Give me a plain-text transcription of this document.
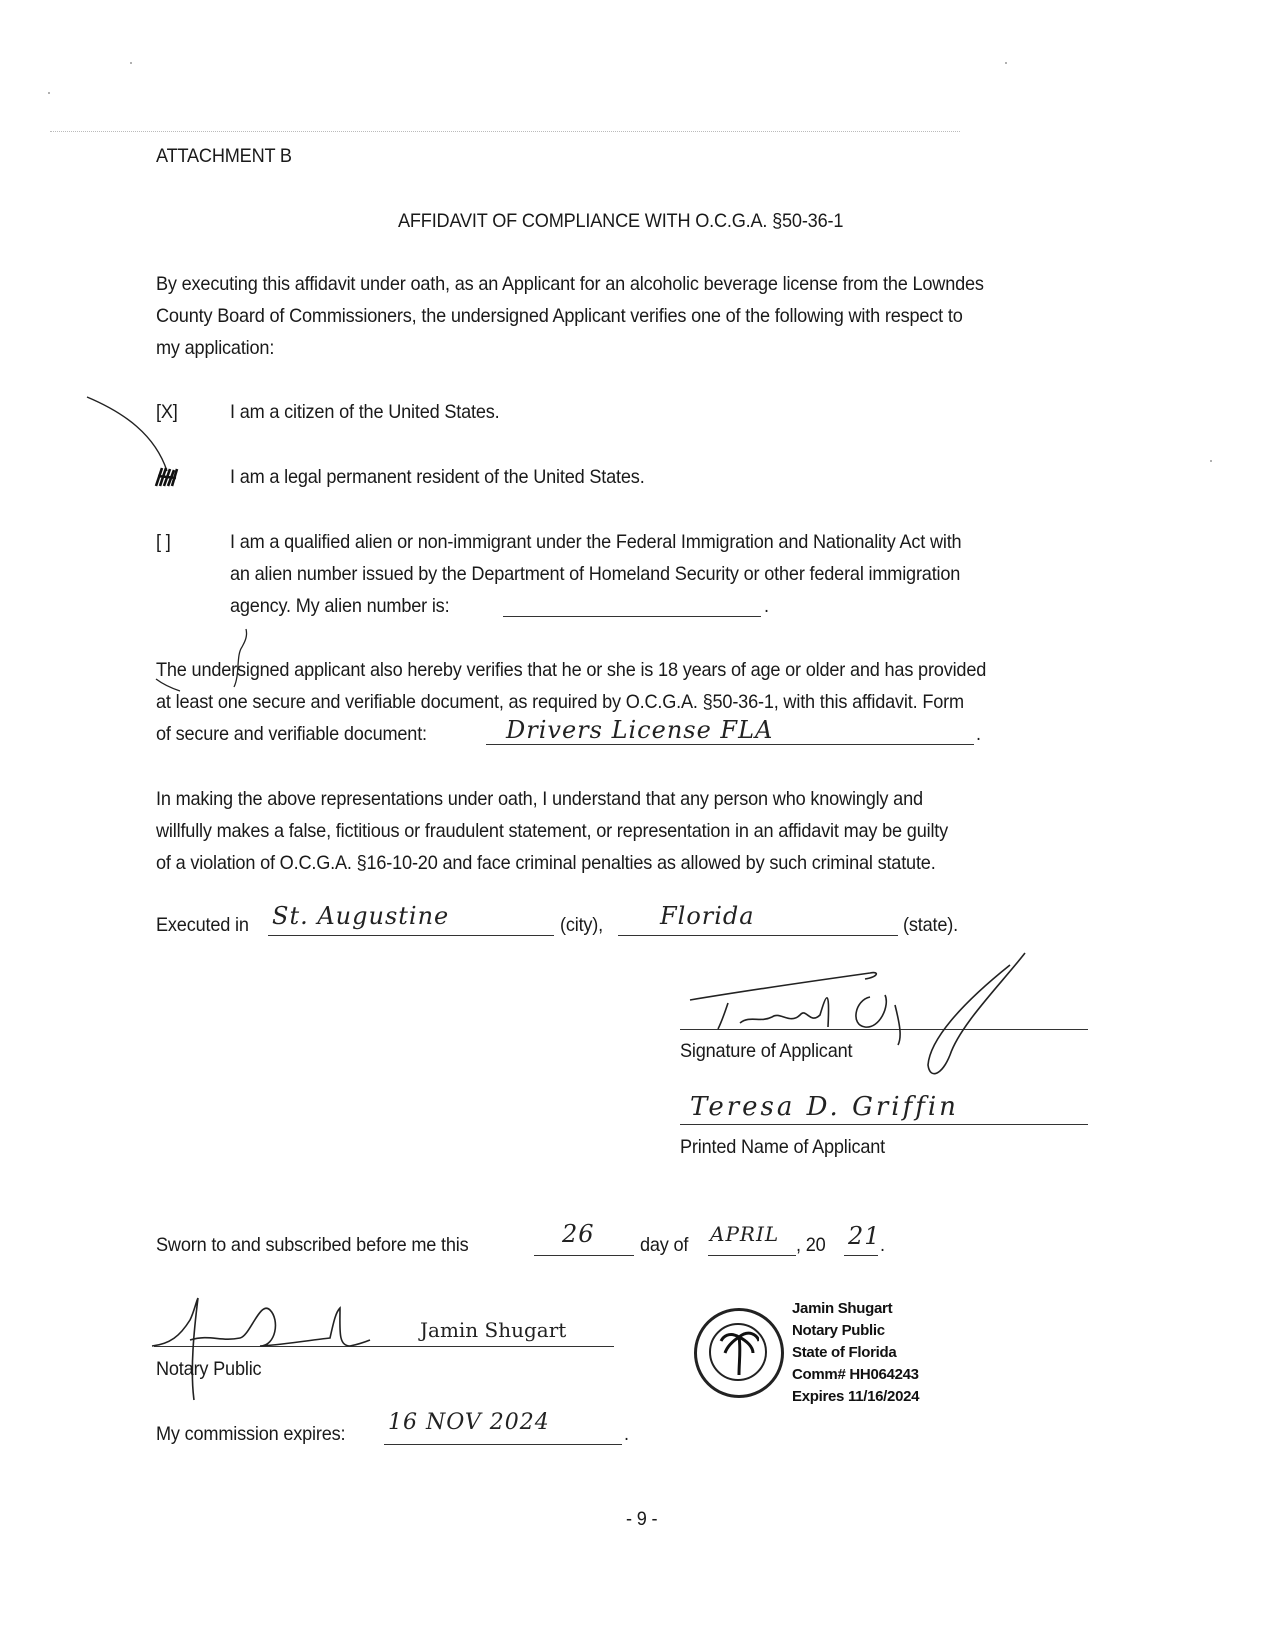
ATTACHMENT B
AFFIDAVIT OF COMPLIANCE WITH O.C.G.A. §50-36-1
By executing this affidavit under oath, as an Applicant for an alcoholic beverage license from the Lowndes
County Board of Commissioners, the undersigned Applicant verifies one of the following with respect to
my application:
[X]	I am a citizen of the United States.
I am a legal permanent resident of the United States.
[ ]	I am a qualified alien or non-immigrant under the Federal Immigration and Nationality Act with
an alien number issued by the Department of Homeland Security or other federal immigration
agency. My alien number is:	.
The undersigned applicant also hereby verifies that he or she is 18 years of age or older and has provided
at least one secure and verifiable document, as required by O.C.G.A. §50-36-1, with this affidavit. Form
of secure and verifiable document:	Drivers License FLA	.
In making the above representations under oath, I understand that any person who knowingly and
willfully makes a false, fictitious or fraudulent statement, or representation in an affidavit may be guilty
of a violation of O.C.G.A. §16-10-20 and face criminal penalties as allowed by such criminal statute.
Executed in St. Augustine	(city), Florida	(state).
Signature of Applicant
Teresa D. Griffin
Printed Name of Applicant
Sworn to and subscribed before me this	26 day of APRIL , 20 21 .
Jamin Shugart
Notary Public
Jamin Shugart
Notary Public
State of Florida
Comm# HH064243
Expires 11/16/2024
My commission expires: 16 NOV 2024	.
- 9 -
